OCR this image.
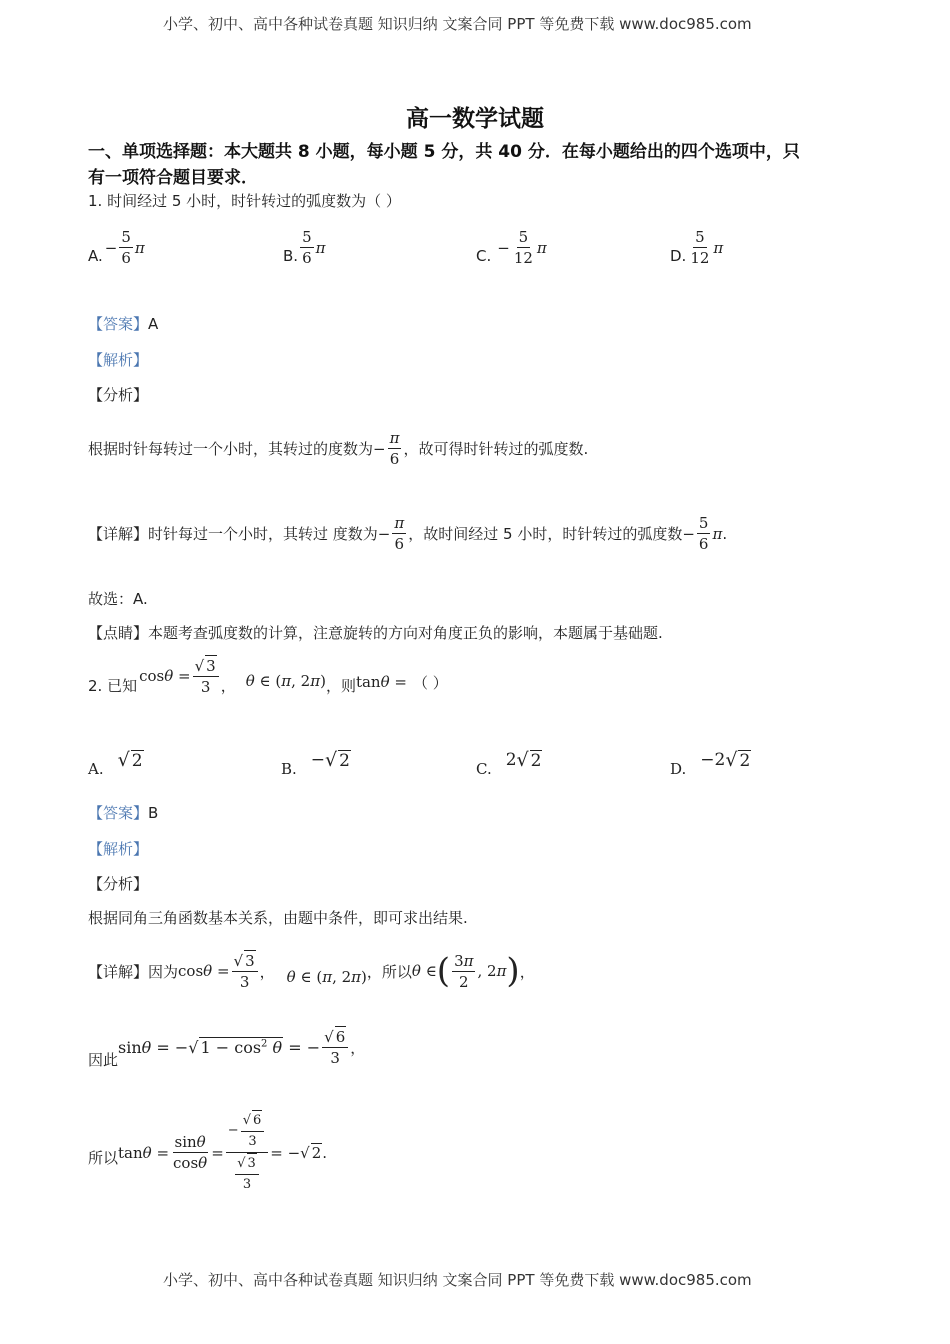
小学、初中、高中各种试卷真题 知识归纳 文案合同 PPT 等免费下载 www.doc985.com
高一数学试题
一、单项选择题：本大题共 8 小题，每小题 5 分，共 40 分．在每小题给出的四个选项中，只
有一项符合题目要求．
1. 时间经过 5 小时，时针转过的弧度数为（ ）
A. − $\frac{5}{6}$ π	B. $\frac{5}{6}$ π	C. − $\frac{5}{12}$ π	D. $\frac{5}{12}$ π
【答案】A
【解析】
【分析】
根据时针每转过一个小时，其转过的度数为 − $\frac{\pi}{6}$ ，故可得时针转过的弧度数.
【详解】 时针每过一个小时，其转过 度数为 − $\frac{\pi}{6}$ ，故时间经过 5 小时，时针转过的弧度数 − $\frac{5}{6}$ π .
故选：A.
【点睛】本题考查弧度数的计算，注意旋转的方向对角度正负的影响，本题属于基础题.
2. 已知
$\cos\theta = \frac{√ 3}{3}$ ， θ ∈ (π, 2π) ，则 tanθ = （ ）
A. √ 2	B. − √ 2	C. 2 √ 2	D. −2 √ 2
【答案】B
【解析】
【分析】
根据同角三角函数基本关系，由题中条件，即可求出结果.
【详解】 因为 $\cos\theta = \frac{√ 3}{3}$ ， θ ∈ (π, 2π) ，所以 θ ∈ ( $\frac{3\pi}{2}$ , 2π ) ，
因此
sinθ = −√ $1 - \cos^2 \theta$ = − $\frac{√ 6}{3}$ ，
所以 $\tan\theta = \frac{\sin\theta}{\cos\theta} = \frac{- \frac{√ 6}{3}}{\frac{√ 3}{3}}$ = −√ 2 .
小学、初中、高中各种试卷真题 知识归纳 文案合同 PPT 等免费下载 www.doc985.com
